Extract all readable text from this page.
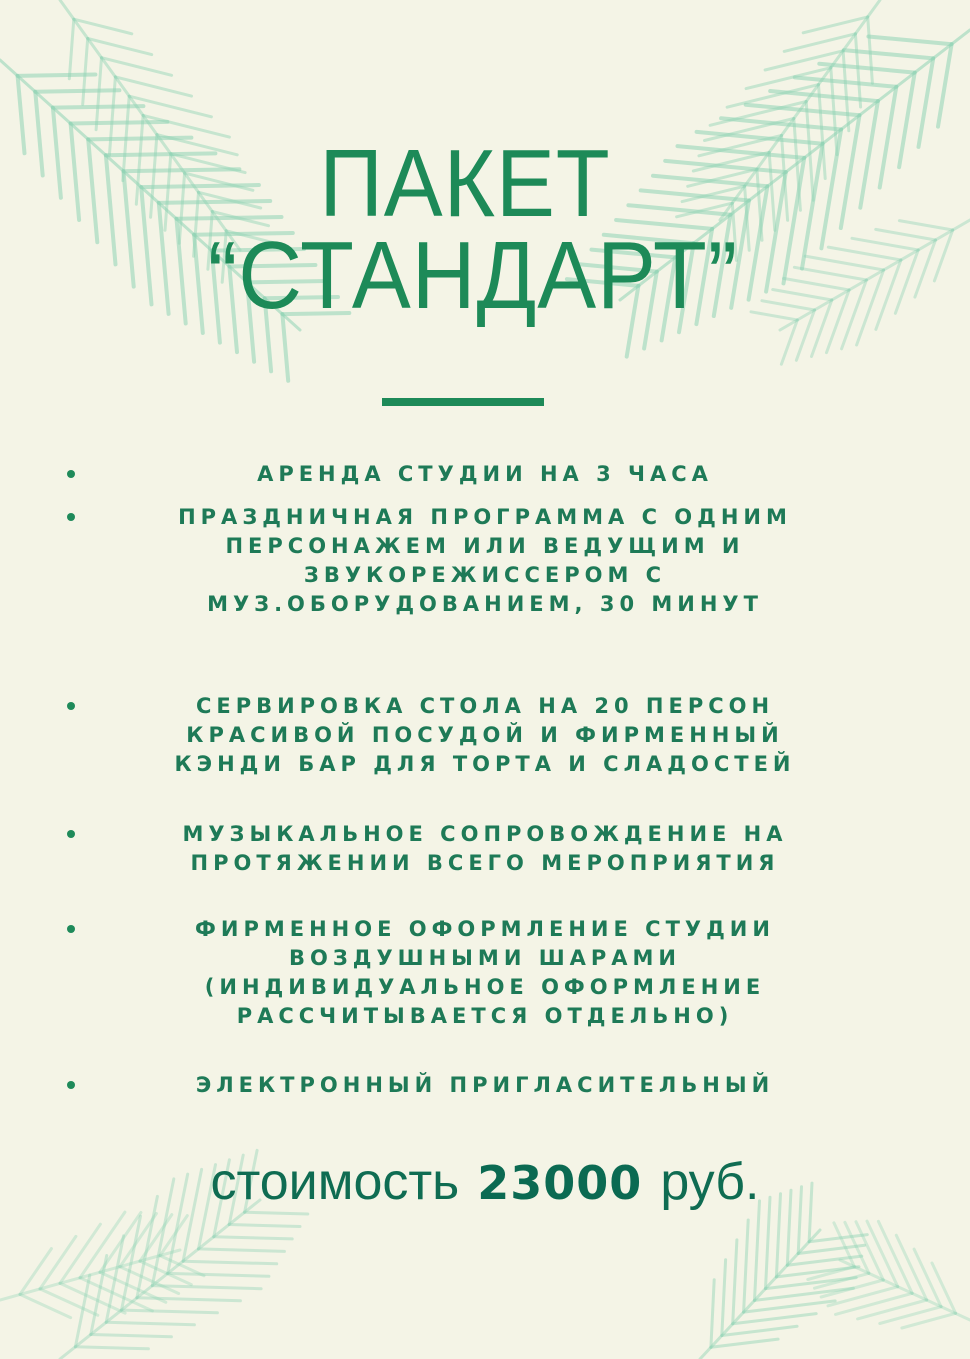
ПАКЕТ
“СТАНДАРТ”
АРЕНДА СТУДИИ НА 3 ЧАСА
ПРАЗДНИЧНАЯ ПРОГРАММА С ОДНИМ
ПЕРСОНАЖЕМ ИЛИ ВЕДУЩИМ И
ЗВУКОРЕЖИССЕРОМ С
МУЗ.ОБОРУДОВАНИЕМ, 30 МИНУТ
СЕРВИРОВКА СТОЛА НА 20 ПЕРСОН
КРАСИВОЙ ПОСУДОЙ И ФИРМЕННЫЙ
КЭНДИ БАР ДЛЯ ТОРТА И СЛАДОСТЕЙ
МУЗЫКАЛЬНОЕ СОПРОВОЖДЕНИЕ НА
ПРОТЯЖЕНИИ ВСЕГО МЕРОПРИЯТИЯ
ФИРМЕННОЕ ОФОРМЛЕНИЕ СТУДИИ
ВОЗДУШНЫМИ ШАРАМИ
(ИНДИВИДУАЛЬНОЕ ОФОРМЛЕНИЕ
РАССЧИТЫВАЕТСЯ ОТДЕЛЬНО)
ЭЛЕКТРОННЫЙ ПРИГЛАСИТЕЛЬНЫЙ
стоимость 23000 руб.
